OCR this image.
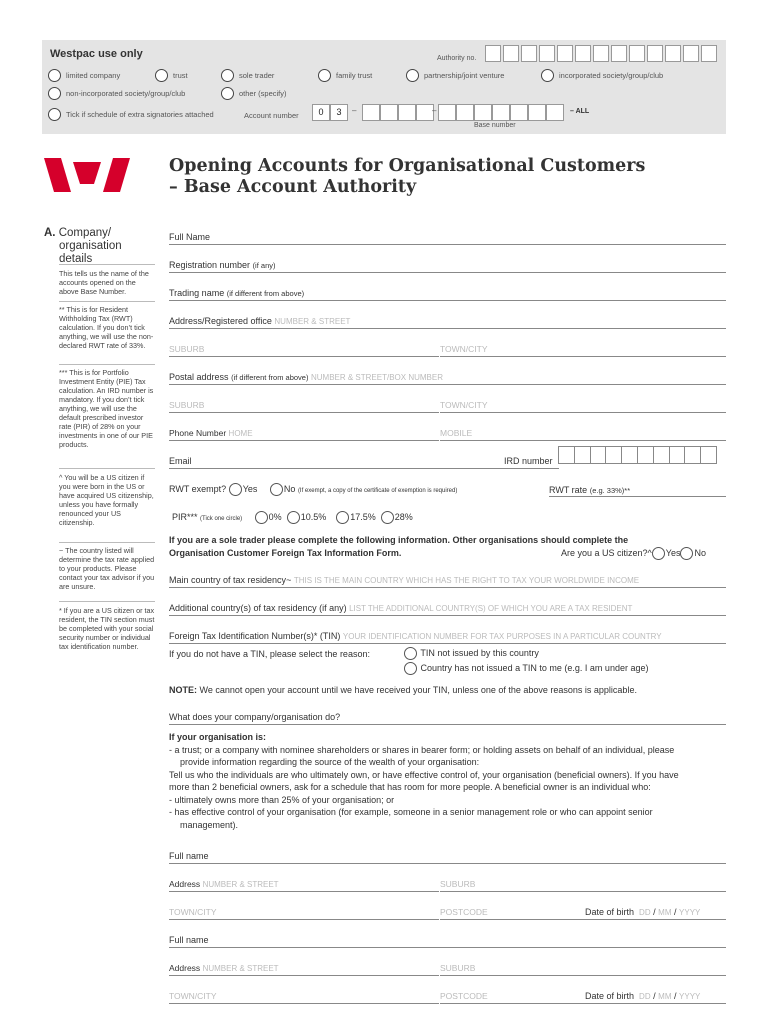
Westpac use only	Authority no.
limited company	trust	sole trader	family trust	partnership/joint venture	incorporated society/group/club
non-incorporated society/group/club	other (specify)
Tick if schedule of extra signatories attached	Account number	0	3	–	–	– ALL
Base number
Opening Accounts for Organisational Customers
– Base Account Authority
A. Company/
organisation
details
This tells us the name of the accounts opened on the above Base Number.
** This is for Resident Withholding Tax (RWT) calculation. If you don’t tick anything, we will use the non-declared RWT rate of 33%.
*** This is for Portfolio Investment Entity (PIE) Tax calculation. An IRD number is mandatory. If you don’t tick anything, we will use the default prescribed investor rate (PIR) of 28% on your investments in one of our PIE products.
^ You will be a US citizen if you were born in the US or have acquired US citizenship, unless you have formally renounced your US citizenship.
~ The country listed will determine the tax rate applied to your products. Please contact your tax advisor if you are unsure.
* If you are a US citizen or tax resident, the TIN section must be completed with your social security number or individual tax identification number.
Full Name
Registration number (if any)
Trading name (if different from above)
Address/Registered office NUMBER & STREET
SUBURB	TOWN/CITY
Postal address (if different from above) NUMBER & STREET/BOX NUMBER
SUBURB	TOWN/CITY
Phone Number HOME	MOBILE
Email	IRD number
RWT exempt? Yes	No (If exempt, a copy of the certificate of exemption is required)	RWT rate (e.g. 33%)**
PIR*** (Tick one circle)	0% 10.5%	17.5% 28%
If you are a sole trader please complete the following information. Other organisations should complete the
Organisation Customer Foreign Tax Information Form.	Are you a US citizen?^ Yes No
Main country of tax residency~ THIS IS THE MAIN COUNTRY WHICH HAS THE RIGHT TO TAX YOUR WORLDWIDE INCOME
Additional country(s) of tax residency (if any) LIST THE ADDITIONAL COUNTRY(S) OF WHICH YOU ARE A TAX RESIDENT
Foreign Tax Identification Number(s)* (TIN) YOUR IDENTIFICATION NUMBER FOR TAX PURPOSES IN A PARTICULAR COUNTRY
If you do not have a TIN, please select the reason:	TIN not issued by this country
Country has not issued a TIN to me (e.g. I am under age)
NOTE: We cannot open your account until we have received your TIN, unless one of the above reasons is applicable.
What does your company/organisation do?
If your organisation is:
- a trust; or a company with nominee shareholders or shares in bearer form; or holding assets on behalf of an individual, please
provide information regarding the source of the wealth of your organisation:
Tell us who the individuals are who ultimately own, or have effective control of, your organisation (beneficial owners). If you have
more than 2 beneficial owners, ask for a schedule that has room for more people. A beneficial owner is an individual who:
- ultimately owns more than 25% of your organisation; or
- has effective control of your organisation (for example, someone in a senior management role or who can appoint senior
management).
Full name
Address NUMBER & STREET	SUBURB
TOWN/CITY	POSTCODE	Date of birth DD / MM / YYYY
Full name
Address NUMBER & STREET	SUBURB
TOWN/CITY	POSTCODE	Date of birth DD / MM / YYYY
